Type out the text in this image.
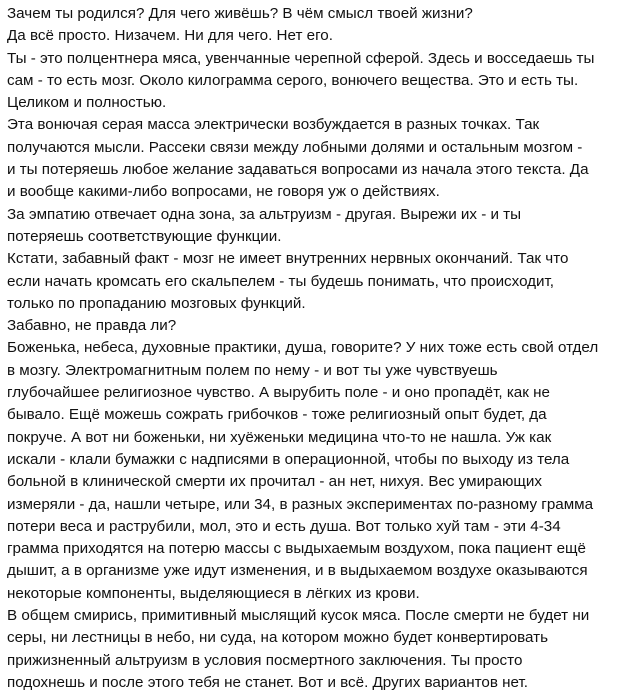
Зачем ты родился? Для чего живёшь? В чём смысл твоей жизни?
Да всё просто. Низачем. Ни для чего. Нет его.
Ты - это полцентнера мяса, увенчанные черепной сферой. Здесь и восседаешь ты
сам - то есть мозг. Около килограмма серого, вонючего вещества. Это и есть ты.
Целиком и полностью.
Эта вонючая серая масса электрически возбуждается в разных точках. Так
получаются мысли. Рассеки связи между лобными долями и остальным мозгом -
и ты потеряешь любое желание задаваться вопросами из начала этого текста. Да
и вообще какими-либо вопросами, не говоря уж о действиях.
За эмпатию отвечает одна зона, за альтруизм - другая. Вырежи их - и ты
потеряешь соответствующие функции.
Кстати, забавный факт - мозг не имеет внутренних нервных окончаний. Так что
если начать кромсать его скальпелем - ты будешь понимать, что происходит,
только по пропаданию мозговых функций.
Забавно, не правда ли?
Боженька, небеса, духовные практики, душа, говорите? У них тоже есть свой отдел
в мозгу. Электромагнитным полем по нему - и вот ты уже чувствуешь
глубочайшее религиозное чувство. А вырубить поле - и оно пропадёт, как не
бывало. Ещё можешь сожрать грибочков - тоже религиозный опыт будет, да
покруче. А вот ни боженьки, ни хуёженьки медицина что-то не нашла. Уж как
искали - клали бумажки с надписями в операционной, чтобы по выходу из тела
больной в клинической смерти их прочитал - ан нет, нихуя. Вес умирающих
измеряли - да, нашли четыре, или 34, в разных экспериментах по-разному грамма
потери веса и раструбили, мол, это и есть душа. Вот только хуй там - эти 4-34
грамма приходятся на потерю массы с выдыхаемым воздухом, пока пациент ещё
дышит, а в организме уже идут изменения, и в выдыхаемом воздухе оказываются
некоторые компоненты, выделяющиеся в лёгких из крови.
В общем смирись, примитивный мыслящий кусок мяса. После смерти не будет ни
серы, ни лестницы в небо, ни суда, на котором можно будет конвертировать
прижизненный альтруизм в условия посмертного заключения. Ты просто
подохнешь и после этого тебя не станет. Вот и всё. Других вариантов нет.
